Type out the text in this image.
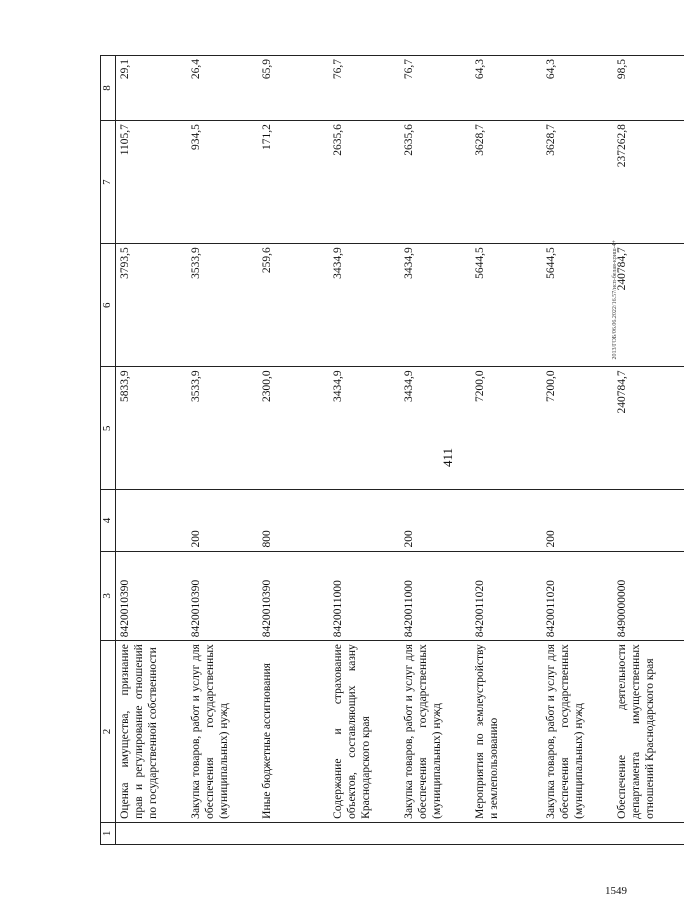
411
1	2	3	4	5	6	7	8
	Оценка имущества, признание прав и регулирование отношений по государственной собственности	8420010390		5833,9	3793,5	1105,7	29,1
	Закупка товаров, работ и услуг для обеспечения государственных (муниципальных) нужд	8420010390	200	3533,9	3533,9	934,5	26,4
	Иные бюджетные ассигнования	8420010390	800	2300,0	259,6	171,2	65,9
	Содержание и страхование объектов, составляющих казну Краснодарского края	8420011000		3434,9	3434,9	2635,6	76,7
	Закупка товаров, работ и услуг для обеспечения государственных (муниципальных) нужд	8420011000	200	3434,9	3434,9	2635,6	76,7
	Мероприятия по землеустройству и землепользованию	8420011020		7200,0	5644,5	3628,7	64,3
	Закупка товаров, работ и услуг для обеспечения государственных (муниципальных) нужд	8420011020	200	7200,0	5644,5	3628,7	64,3
	Обеспечение деятельности департамента имущественных отношений Краснодарского края	8490000000		240784,7	240784,7	237262,8	98,5
2013/ГОБ/06.06.2022/16.57/исп-белая-криш-4+
1549
